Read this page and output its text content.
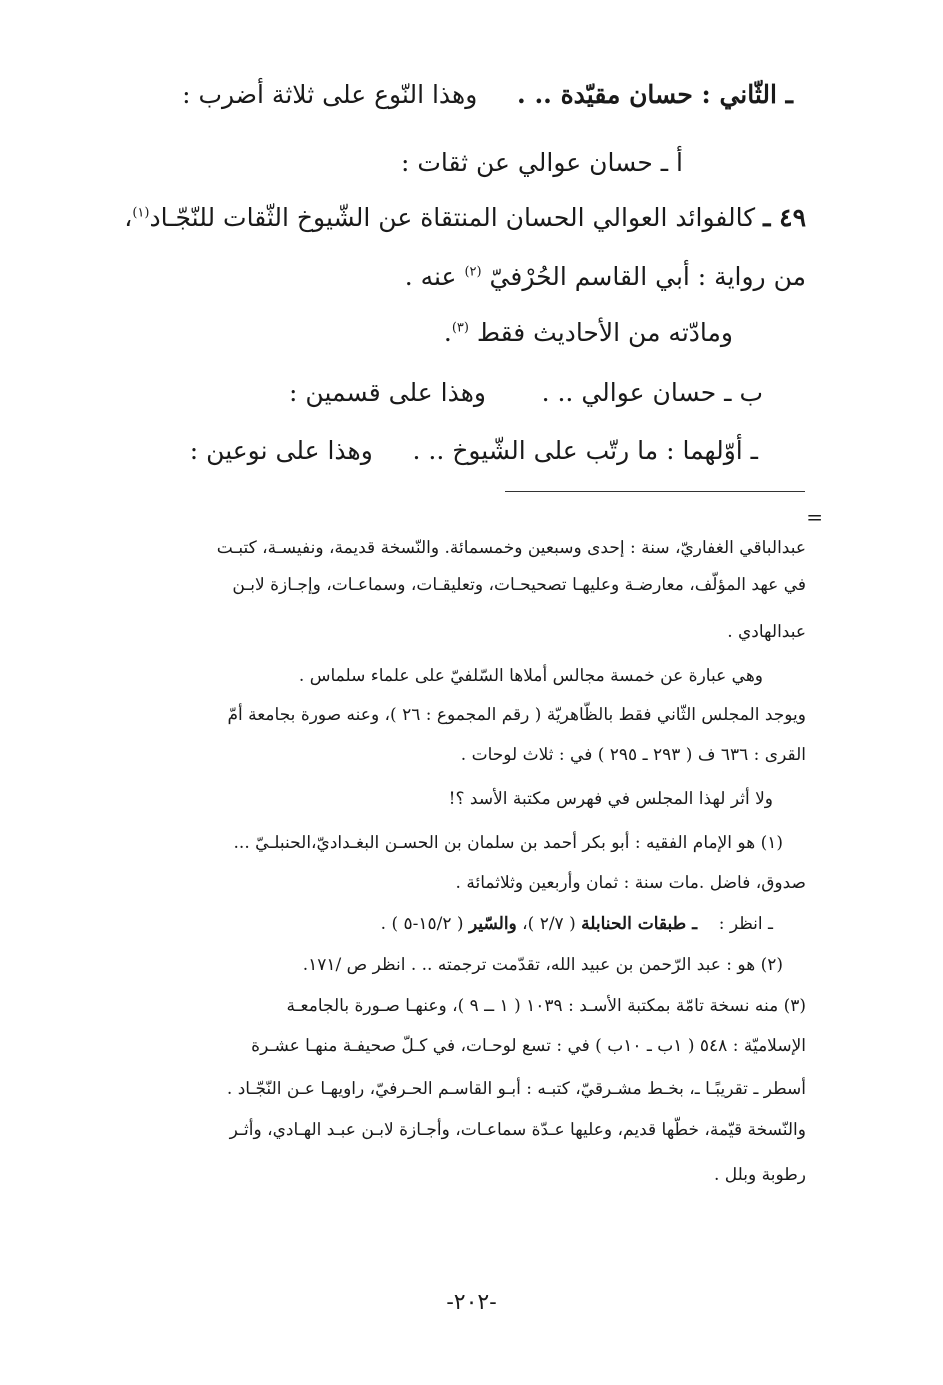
ـ الثّاني : حسان مقيّدة .. .     وهذا النّوع على ثلاثة أضرب :
أ ـ حسان عوالي عن ثقات :
٤٩ ـ كالفوائد العوالي الحسان المنتقاة عن الشّيوخ الثّقات للنّجّـاد$^{(١)}$،
من رواية : أبي القاسم الحُرْفيّ $^{(٢)}$ عنه .
ومادّته من الأحاديث فقط $^{(٣)}$.
ب ـ حسان عوالي .. .       وهذا على قسمين :
ـ أوّلهما : ما رتّب على الشّيوخ .. .     وهذا على نوعين :
=
عبدالباقي الغفاريّ، سنة : إحدى وسبعين وخمسمائة. والنّسخة قديمة، ونفيسـة، كتبـت
في عهد المؤلّف، معارضـة وعليهـا تصحيحـات، وتعليقـات، وسماعـات، وإجـازة لابـن
عبدالهادي .
وهي عبارة عن خمسة مجالس أملاها السّلفيّ على علماء سلماس .
ويوجد المجلس الثّاني فقط بالظّاهريّة ( رقم المجموع : ٢٦ )، وعنه صورة بجامعة أمّ
القرى : ٦٣٦ ف ( ٢٩٣ ـ ٢٩٥ ) في : ثلاث لوحات .
ولا أثر لهذا المجلس في فهرس مكتبة الأسد ؟!
(١) هو الإمام الفقيه : أبو بكر أحمد بن سلمان بن الحسـن البغـداديّ،الحنبلـيّ ...
صدوق، فاضل .مات سنة : ثمان وأربعين وثلاثمائة .
ـ انظر :    ـ طبقات الحنابلة ( ٢/٧ )، والسّير ( ١٥/٢-٥ ) .
(٢) هو : عبد الرّحمن بن عبيد الله، تقدّمت ترجمته .. . انظر ص /١٧١.
(٣) منه نسخة تامّة بمكتبة الأسـد : ١٠٣٩ ( ١ ــ ٩ )، وعنهـا صـورة بالجامعـة
الإسلاميّة : ٥٤٨ ( ١ب ـ ١٠ب ) في : تسع لوحـات، في كـلّ صحيفـة منهـا عشـرة
أسطر ـ تقريبًـا ـ، بخـط مشـرقيّ، كتبـه : أبـو القاسـم الحـرفيّ، راويهـا عـن النّجّـاد .
والنّسخة قيّمة، خطّها قديم، وعليها عـدّة سماعـات، وأجـازة لابـن عبـد الهـادي، وأثـر
رطوبة وبلل .
-٢٠٢-
